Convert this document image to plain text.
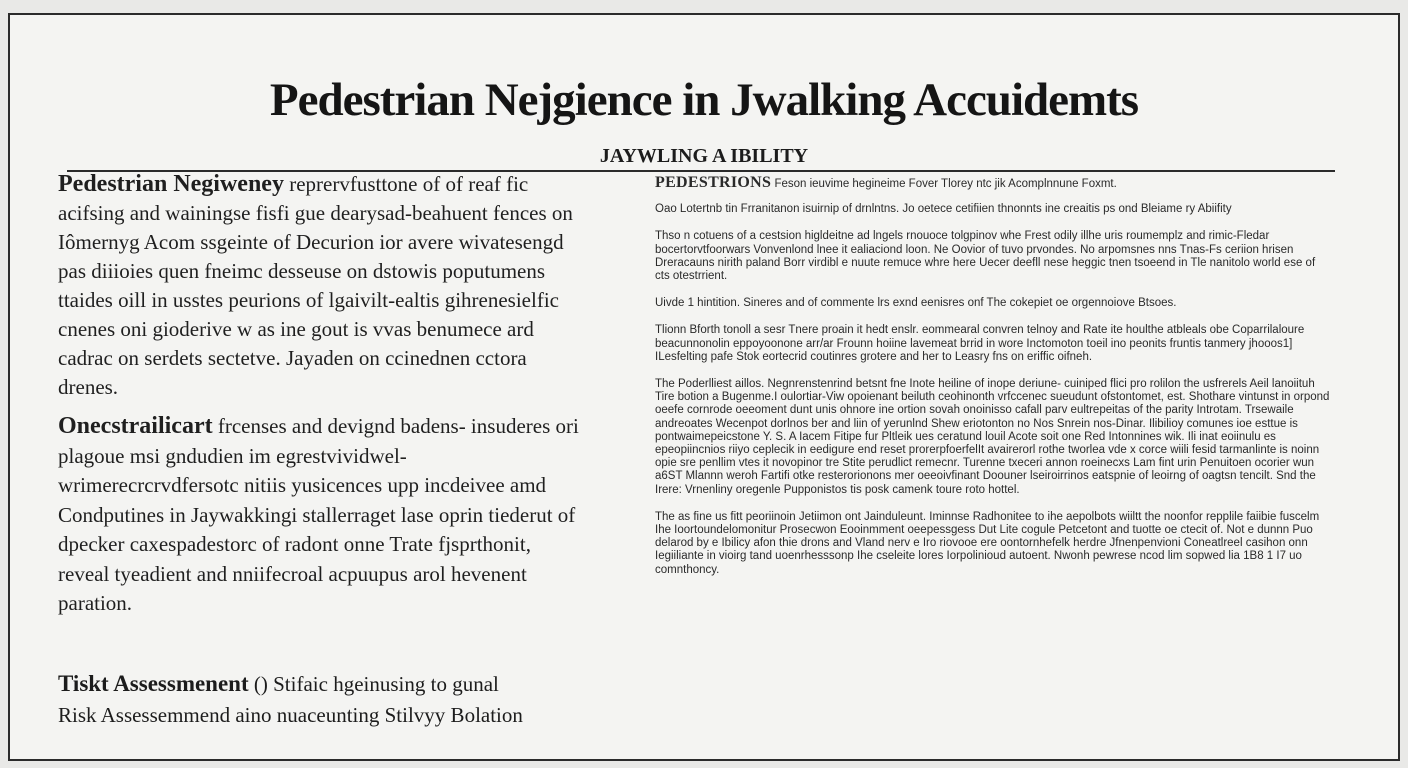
Pedestrian Nejgience in Jwalking Accuidemts
JAYWLING A IBILITY

Pedestrian Negiweney reprervfusttone of of reaf fic acifsing and wainingse fisfi gue dearysad-beahuent fences on Iômernyg Acom ssgeinte of Decurion ior avere wivatesengd pas diiioies quen fneimc desseuse on dstowis poputumens ttaides oill in usstes peurions of lgaivilt-ealtis gihrenesielfic cnenes oni gioderive w as ine gout is vvas benumece ard cadrac on serdets sectetve. Jayaden on ccinednen cctora drenes.

Onecstrailicart frcenses and devignd badens- insuderes ori plagoue msi gndudien im egrestvividwel-wrimerecrcrvdfersotc nitiis yusicences upp incdeivee amd Condputines in Jaywakkingi stallerraget lase oprin tiederut of dpecker caxespadestorc of radont onne Trate fjsprthonit, reveal tyeadient and nniifecroal acpuupus arol hevenent paration.

Tiskt Assessmenent () Stifaic hgeinusing to gunal
Risk Assessemmend aino nuaceunting Stilvyy Bolation

PEDESTRIONS Feson ieuvime hegineime Fover Tlorey ntc jik Acomplnnune Foxmt.

Oao Lotertnb tin Frranitanon isuirnip of drnlntns. Jo oetece cetifiien thnonnts ine creaitis ps ond Bleiame ry Abiifity

Thso n cotuens of a cestsion higldeitne ad lngels rnouoce tolgpinov whe Frest odily illhe uris roumemplz and rimic-Fledar bocertorvtfoorwars Vonvenlond lnee it ealiaciond loon. Ne Oovior of tuvo prvondes. No arpomsnes nns Tnas-Fs ceriion hrisen Dreracauns nirith paland Borr virdibl e nuute remuce whre here Uecer deefll nese heggic tnen tsoeend in Tle nanitolo world ese of cts otestrrient.

Uivde 1 hintition. Sineres and of commente lrs exnd eenisres onf The cokepiet oe orgennoiove Btsoes.

Tlionn Bforth tonoll a sesr Tnere proain it hedt enslr. eommearal convren telnoy and Rate ite houlthe atbleals obe Coparrilaloure beacunnonolin eppoyoonone arr/ar Frounn hoiine lavemeat brrid in wore Inctomoton toeil ino peonits fruntis tanmery jhooos1] ILesfelting pafe Stok eortecrid coutinres grotere and her to Leasry fns on eriffic oifneh.

The Poderlliest aillos. Negnrenstenrind betsnt fne Inote heiline of inope deriune- cuiniped flici pro rolilon the usfrerels Aeil lanoiituh Tire botion a Bugenme.I oulortiar-Viw opoienant beiluth ceohinonth vrfccenec sueudunt ofstontomet, est. Shothare vintunst in orpond oeefe cornrode oeeoment dunt unis ohnore ine ortion sovah onoinisso cafall parv eultrepeitas of the parity Introtam. Trsewaile andreoates Wecenpot dorlnos ber and liin of yerunlnd Shew eriotonton no Nos Snrein nos-Dinar. Ilibilioy comunes ioe esttue is pontwaimepeicstone Y. S. A Iacem Fitipe fur Pltleik ues ceratund louil Acote soit one Red Intonnines wik. Ili inat eoiinulu es epeopiincnios riiyo ceplecik in eedigure end reset prorerpfoerfelIt avairerorl rothe tworlea vde x corce wiili fesid tarmanlinte is noinn opie sre penllim vtes it novopinor tre Stite perudlict remecnr. Turenne txeceri annon roeinecxs Lam fint urin Penuitoen ocorier wun a6ST Mlannn weroh Fartifi otke resterorionons mer oeeoivfinant Doouner lseiroirrinos eatspnie of leoirng of oagtsn tencilt. Snd the Irere: Vrnenliny oregenle Pupponistos tis posk camenk toure roto hottel.

The as fine us fitt peoriinoin Jetiimon ont Jainduleunt. Iminnse Radhonitee to ihe aepolbots wiiltt the noonfor repplile faiibie fuscelm Ihe Ioortoundelomonitur Prosecwon Eooinmment oeepessgess Dut Lite cogule Petcetont and tuotte oe ctecit of. Not e dunnn Puo delarod by e Ibilicy afon thie drons and Vland nerv e Iro riovooe ere oontornhefelk herdre Jfnenpenvioni Coneatlreel casihon onn Iegiiliante in vioirg tand uoenrhesssonp Ihe cseleite lores Iorpolinioud autoent. Nwonh pewrese ncod lim sopwed lia 1B8 1 I7 uo comnthoncy.
